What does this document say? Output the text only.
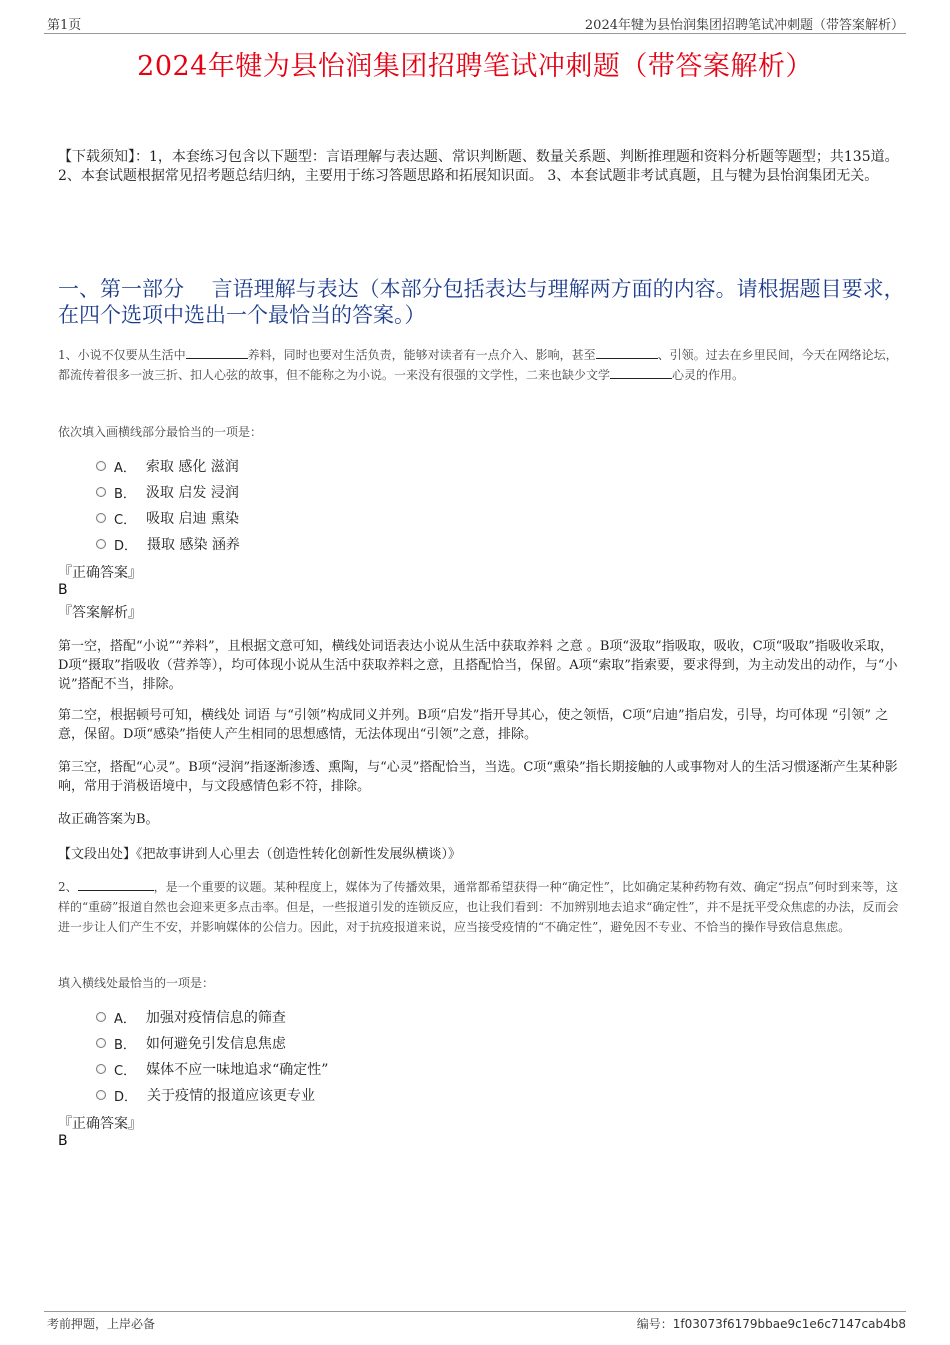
第1页	2024年犍为县怡润集团招聘笔试冲刺题（带答案解析）
2024年犍为县怡润集团招聘笔试冲刺题（带答案解析）
【下载须知】：1，本套练习包含以下题型：言语理解与表达题、常识判断题、数量关系题、判断推理题和资料分析题等题型；共135道。 2、本套试题根据常见招考题总结归纳，主要用于练习答题思路和拓展知识面。 3、本套试题非考试真题，且与犍为县怡润集团无关。
一、第一部分　 言语理解与表达（本部分包括表达与理解两方面的内容。请根据题目要求，在四个选项中选出一个最恰当的答案。）
1、小说不仅要从生活中	养料，同时也要对生活负责，能够对读者有一点介入、影响，甚至	、引领。过去在乡里民间，今天在网络论坛，都流传着很多一波三折、扣人心弦的故事，但不能称之为小说。一来没有很强的文学性，二来也缺少文学	心灵的作用。
依次填入画横线部分最恰当的一项是：
A． 索取 感化 滋润
B． 汲取 启发 浸润
C． 吸取 启迪 熏染
D． 摄取 感染 涵养
『正确答案』
B
『答案解析』
第一空，搭配“小说”“养料”，且根据文意可知，横线处词语表达小说从生活中获取养料 之意 。B项“汲取”指吸取，吸收，C项“吸取”指吸收采取，D项“摄取”指吸收（营养等），均可体现小说从生活中获取养料之意，且搭配恰当，保留。A项“索取”指索要，要求得到，为主动发出的动作，与“小说”搭配不当，排除。
第二空，根据顿号可知，横线处 词语 与“引领”构成同义并列。B项“启发”指开导其心，使之领悟，C项“启迪”指启发，引导，均可体现 “引领” 之意，保留。D项“感染”指使人产生相同的思想感情，无法体现出“引领”之意，排除。
第三空，搭配“心灵”。B项“浸润”指逐渐渗透、熏陶，与“心灵”搭配恰当，当选。C项“熏染”指长期接触的人或事物对人的生活习惯逐渐产生某种影响，常用于消极语境中，与文段感情色彩不符，排除。
故正确答案为B。
【文段出处】《把故事讲到人心里去（创造性转化创新性发展纵横谈）》
2、	，是一个重要的议题。某种程度上，媒体为了传播效果，通常都希望获得一种“确定性”，比如确定某种药物有效、确定“拐点”何时到来等，这样的“重磅”报道自然也会迎来更多点击率。但是，一些报道引发的连锁反应，也让我们看到：不加辨别地去追求“确定性”，并不是抚平受众焦虑的办法，反而会进一步让人们产生不安，并影响媒体的公信力。因此，对于抗疫报道来说，应当接受疫情的“不确定性”，避免因不专业、不恰当的操作导致信息焦虑。
填入横线处最恰当的一项是：
A． 加强对疫情信息的筛查
B． 如何避免引发信息焦虑
C． 媒体不应一味地追求“确定性”
D． 关于疫情的报道应该更专业
『正确答案』
B
考前押题，上岸必备	编号：1f03073f6179bbae9c1e6c7147cab4b8
